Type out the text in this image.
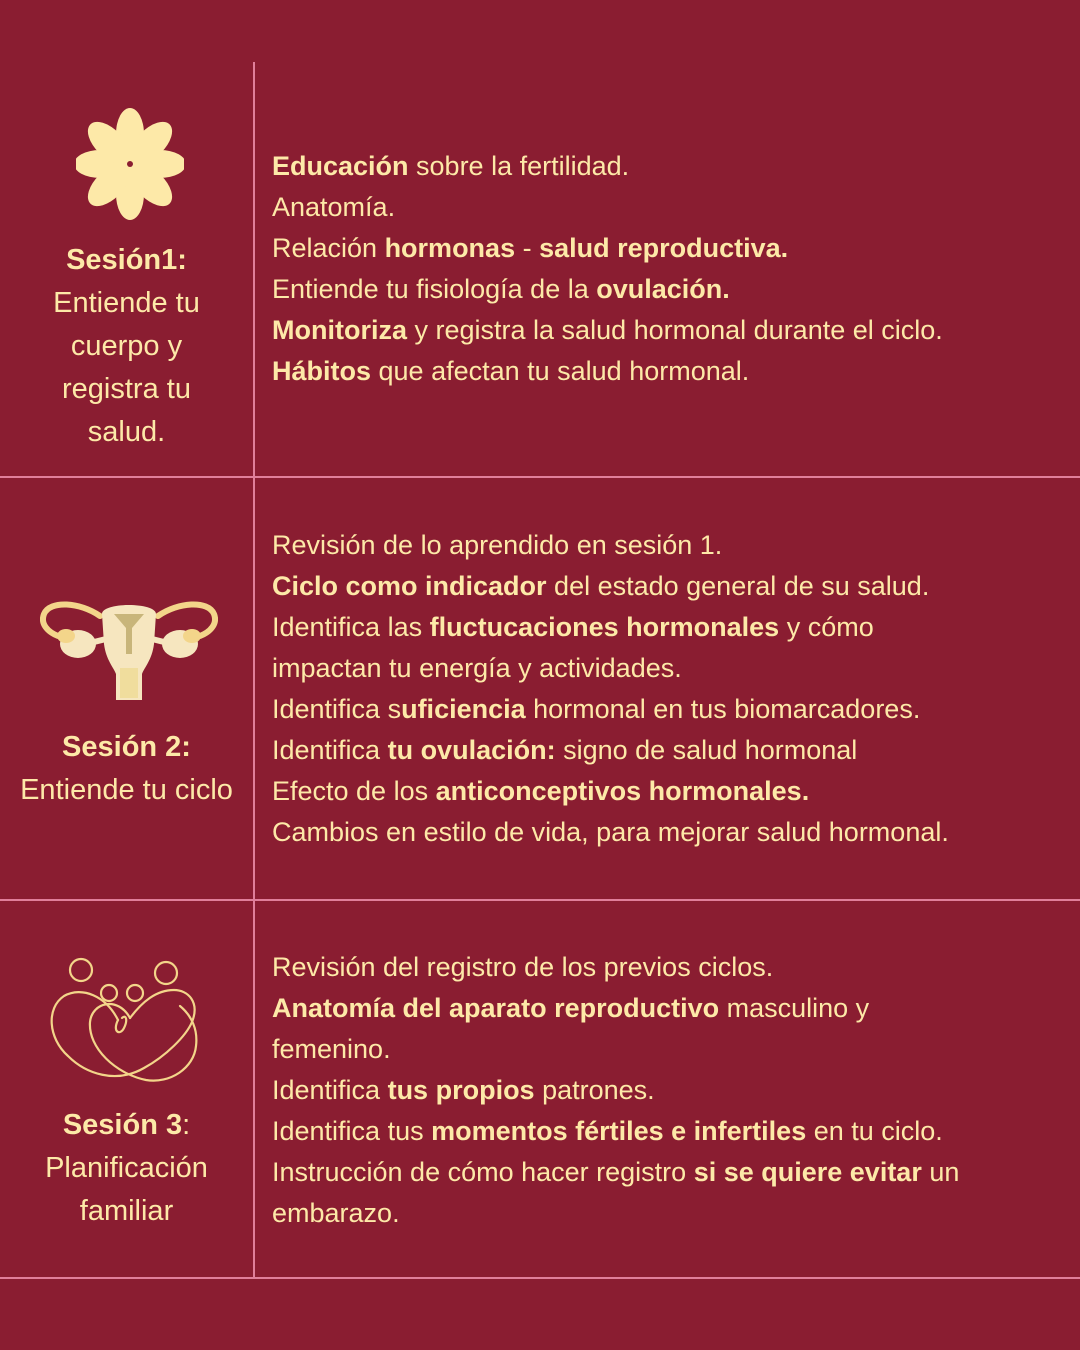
Sesión1:
Entiende tu
cuerpo y
registra tu
salud.
Educación sobre la fertilidad.
Anatomía.
Relación hormonas - salud reproductiva.
Entiende tu fisiología de la ovulación.
Monitoriza y registra la salud hormonal durante el ciclo.
Hábitos que afectan tu salud hormonal.
Sesión 2:
Entiende tu ciclo
Revisión de lo aprendido en sesión 1.
Ciclo como indicador del estado general de su salud.
Identifica las fluctucaciones hormonales y cómo
impactan tu energía y actividades.
Identifica suficiencia hormonal en tus biomarcadores.
Identifica tu ovulación: signo de salud hormonal
Efecto de los anticonceptivos hormonales.
Cambios en estilo de vida, para mejorar salud hormonal.
Sesión 3:
Planificación
familiar
Revisión del registro de los previos ciclos.
Anatomía del aparato reproductivo masculino y
femenino.
Identifica tus propios patrones.
Identifica tus momentos fértiles e infertiles en tu ciclo.
Instrucción de cómo hacer registro si se quiere evitar un
embarazo.
